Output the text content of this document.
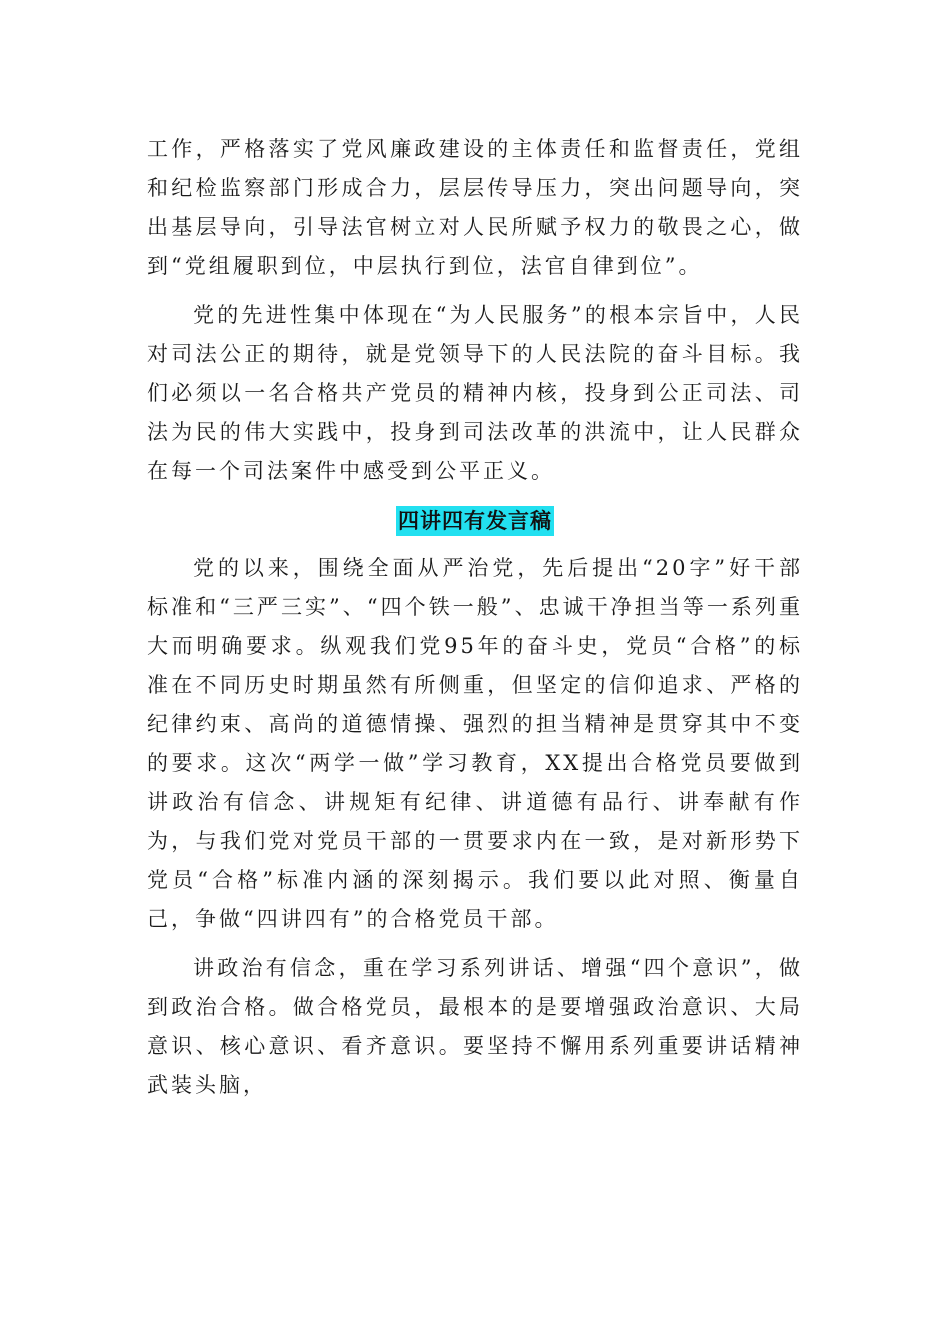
工作，严格落实了党风廉政建设的主体责任和监督责任，党组和纪检监察部门形成合力，层层传导压力，突出问题导向，突出基层导向，引导法官树立对人民所赋予权力的敬畏之心，做到“党组履职到位，中层执行到位，法官自律到位”。

党的先进性集中体现在“为人民服务”的根本宗旨中，人民对司法公正的期待，就是党领导下的人民法院的奋斗目标。我们必须以一名合格共产党员的精神内核，投身到公正司法、司法为民的伟大实践中，投身到司法改革的洪流中，让人民群众在每一个司法案件中感受到公平正义。

四讲四有发言稿

党的以来，围绕全面从严治党，先后提出“20字”好干部标准和“三严三实”、“四个铁一般”、忠诚干净担当等一系列重大而明确要求。纵观我们党95年的奋斗史，党员“合格”的标准在不同历史时期虽然有所侧重，但坚定的信仰追求、严格的纪律约束、高尚的道德情操、强烈的担当精神是贯穿其中不变的要求。这次“两学一做”学习教育，XX提出合格党员要做到讲政治有信念、讲规矩有纪律、讲道德有品行、讲奉献有作为，与我们党对党员干部的一贯要求内在一致，是对新形势下党员“合格”标准内涵的深刻揭示。我们要以此对照、衡量自己，争做“四讲四有”的合格党员干部。

讲政治有信念，重在学习系列讲话、增强“四个意识”，做到政治合格。做合格党员，最根本的是要增强政治意识、大局意识、核心意识、看齐意识。要坚持不懈用系列重要讲话精神武装头脑，
